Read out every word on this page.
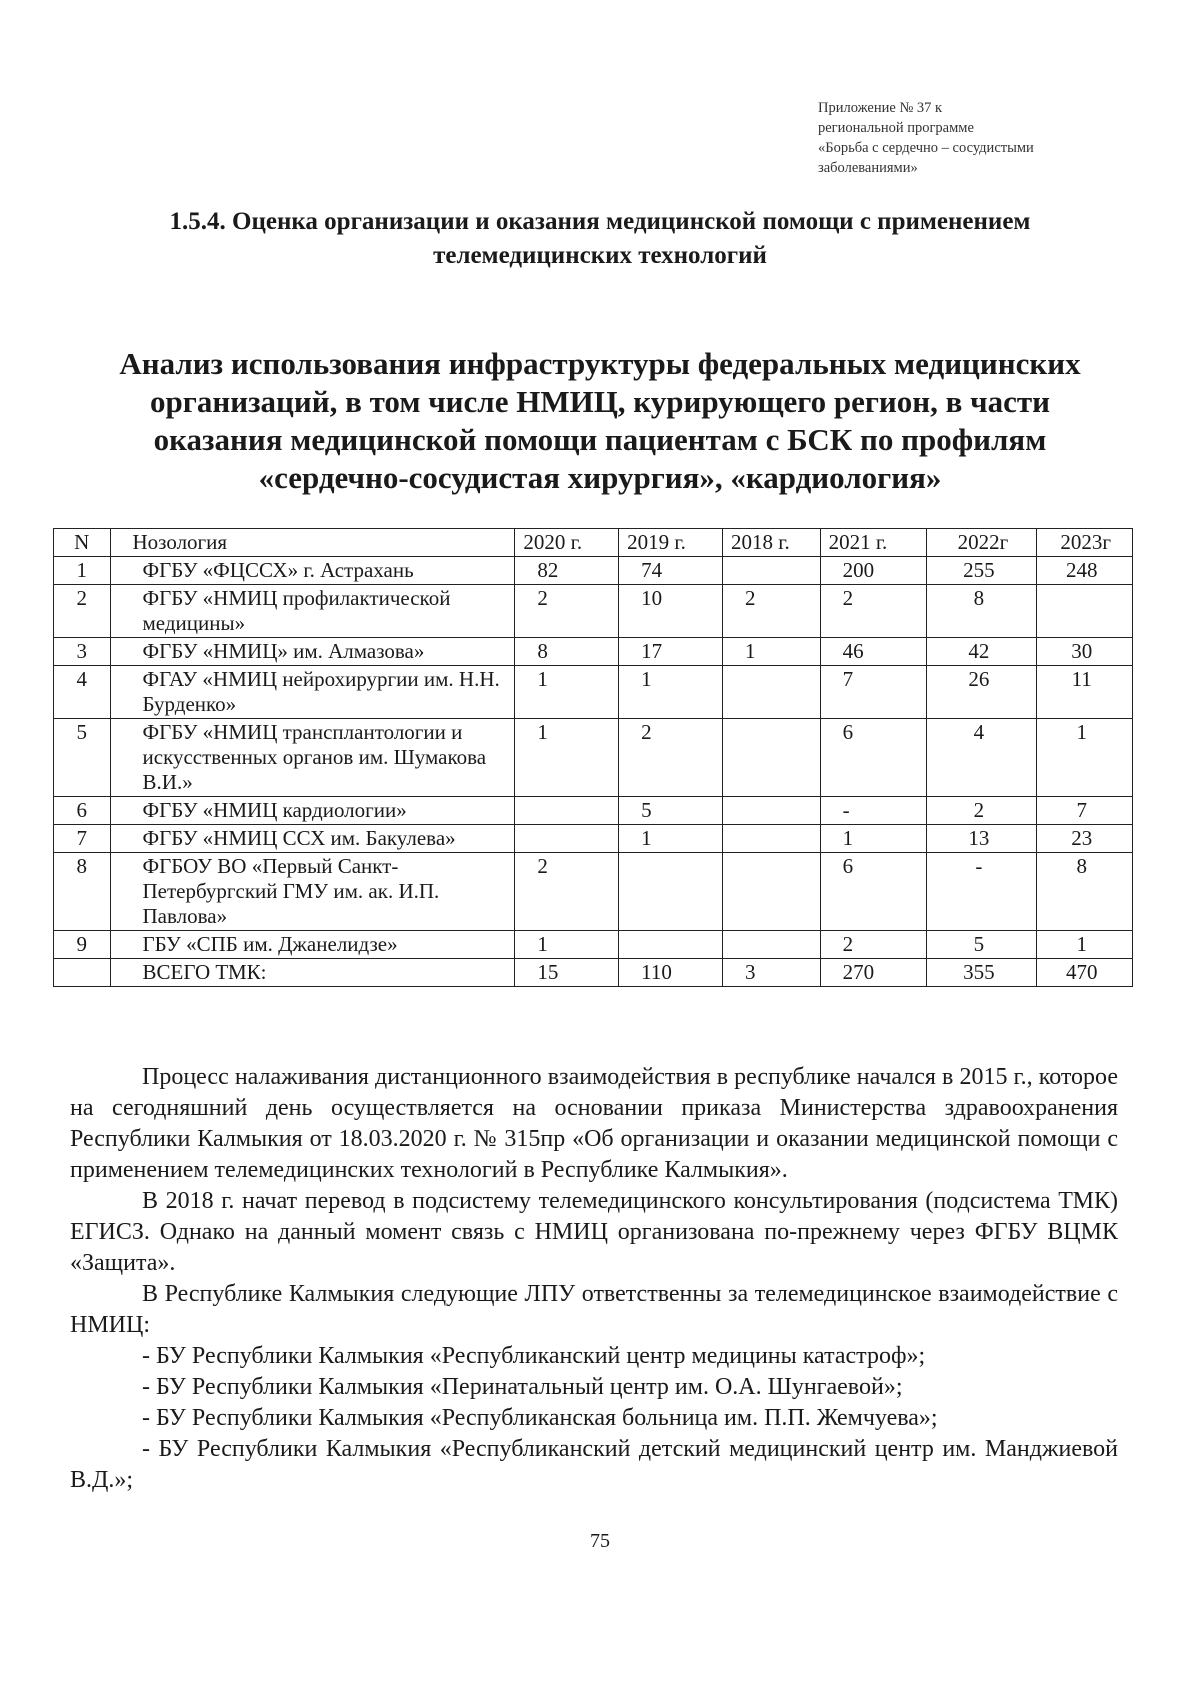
Приложение № 37 к
региональной программе
«Борьба с сердечно – сосудистыми
заболеваниями»
1.5.4. Оценка организации и оказания медицинской помощи с применением
телемедицинских технологий
Анализ использования инфраструктуры федеральных медицинских
организаций, в том числе НМИЦ, курирующего регион, в части
оказания медицинской помощи пациентам с БСК по профилям
«сердечно-сосудистая хирургия», «кардиология»
N	Нозология	2020 г.	2019 г.	2018 г.	2021 г.	2022г	2023г
1	ФГБУ «ФЦССХ» г. Астрахань	82	74		200	255	248
2	ФГБУ «НМИЦ профилактической медицины»	2	10	2	2	8	
3	ФГБУ «НМИЦ» им. Алмазова»	8	17	1	46	42	30
4	ФГАУ «НМИЦ нейрохирургии им. Н.Н. Бурденко»	1	1		7	26	11
5	ФГБУ «НМИЦ трансплантологии и искусственных органов им. Шумакова В.И.»	1	2		6	4	1
6	ФГБУ «НМИЦ кардиологии»		5		-	2	7
7	ФГБУ «НМИЦ ССХ им. Бакулева»		1		1	13	23
8	ФГБОУ ВО «Первый Санкт-Петербургский ГМУ им. ак. И.П. Павлова»	2			6	-	8
9	ГБУ «СПБ им. Джанелидзе»	1			2	5	1

	ВСЕГО ТМК:	15	110	3	270	355	470

Процесс налаживания дистанционного взаимодействия в республике начался в 2015 г., которое на сегодняшний день осуществляется на основании приказа Министерства здравоохранения Республики Калмыкия от 18.03.2020 г. № 315пр «Об организации и оказании медицинской помощи с применением телемедицинских технологий в Республике Калмыкия».

В 2018 г. начат перевод в подсистему телемедицинского консультирования (подсистема ТМК) ЕГИСЗ. Однако на данный момент связь с НМИЦ организована по-прежнему через ФГБУ ВЦМК «Защита».

В Республике Калмыкия следующие ЛПУ ответственны за телемедицинское взаимодействие с НМИЦ:

- БУ Республики Калмыкия «Республиканский центр медицины катастроф»;

- БУ Республики Калмыкия «Перинатальный центр им. О.А. Шунгаевой»;

- БУ Республики Калмыкия «Республиканская больница им. П.П. Жемчуева»;

- БУ Республики Калмыкия «Республиканский детский медицинский центр им. Манджиевой В.Д.»;

75
